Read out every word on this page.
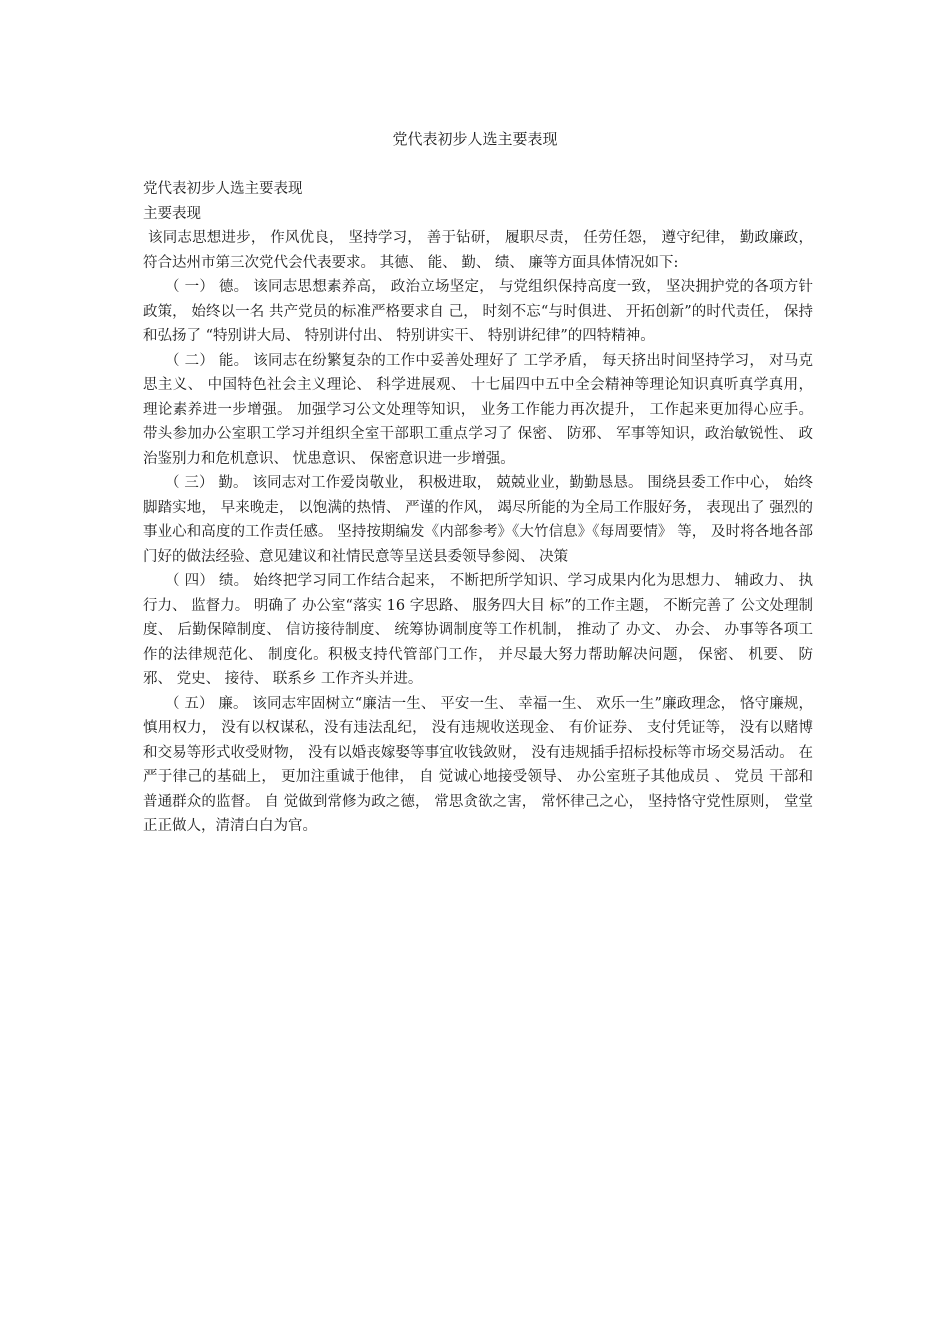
党代表初步人选主要表现

党代表初步人选主要表现

主要表现

该同志思想进步， 作风优良， 坚持学习， 善于钻研， 履职尽责， 任劳任怨， 遵守纪律， 勤政廉政， 符合达州市第三次党代会代表要求。 其德、 能、 勤、 绩、 廉等方面具体情况如下:

（ 一） 德。 该同志思想素养高， 政治立场坚定， 与党组织保持高度一致， 坚决拥护党的各项方针政策， 始终以一名 共产党员的标准严格要求自 己， 时刻不忘“与时俱进、 开拓创新”的时代责任， 保持和弘扬了 “特别讲大局、 特别讲付出、 特别讲实干、 特别讲纪律”的四特精神。

（ 二） 能。 该同志在纷繁复杂的工作中妥善处理好了 工学矛盾， 每天挤出时间坚持学习， 对马克思主义、 中国特色社会主义理论、 科学进展观、 十七届四中五中全会精神等理论知识真听真学真用， 理论素养进一步增强。 加强学习公文处理等知识， 业务工作能力再次提升， 工作起来更加得心应手。 带头参加办公室职工学习并组织全室干部职工重点学习了 保密、 防邪、 军事等知识，政治敏锐性、 政治鉴别力和危机意识、 忧患意识、 保密意识进一步增强。

（ 三） 勤。 该同志对工作爱岗敬业， 积极进取， 兢兢业业，勤勤恳恳。 围绕县委工作中心， 始终脚踏实地， 早来晚走， 以饱满的热情、 严谨的作风， 竭尽所能的为全局工作服好务， 表现出了 强烈的事业心和高度的工作责任感。 坚持按期编发《内部参考》《大竹信息》《每周要情》 等， 及时将各地各部门好的做法经验、意见建议和社情民意等呈送县委领导参阅、 决策

（ 四） 绩。 始终把学习同工作结合起来， 不断把所学知识、学习成果内化为思想力、 辅政力、 执行力、 监督力。 明确了 办公室“落实 16 字思路、 服务四大目 标”的工作主题， 不断完善了 公文处理制度、 后勤保障制度、 信访接待制度、 统筹协调制度等工作机制， 推动了 办文、 办会、 办事等各项工作的法律规范化、 制度化。积极支持代管部门工作， 并尽最大努力帮助解决问题， 保密、 机要、 防邪、 党史、 接待、 联系乡 工作齐头并进。

（ 五） 廉。 该同志牢固树立“廉洁一生、 平安一生、 幸福一生、 欢乐一生”廉政理念， 恪守廉规， 慎用权力， 没有以权谋私，没有违法乱纪， 没有违规收送现金、 有价证券、 支付凭证等， 没有以赌博和交易等形式收受财物， 没有以婚丧嫁娶等事宜收钱敛财， 没有违规插手招标投标等市场交易活动。 在严于律己的基础上， 更加注重诚于他律， 自 觉诚心地接受领导、 办公室班子其他成员 、 党员 干部和普通群众的监督。 自 觉做到常修为政之德， 常思贪欲之害， 常怀律己之心， 坚持恪守党性原则， 堂堂正正做人，清清白白为官。
